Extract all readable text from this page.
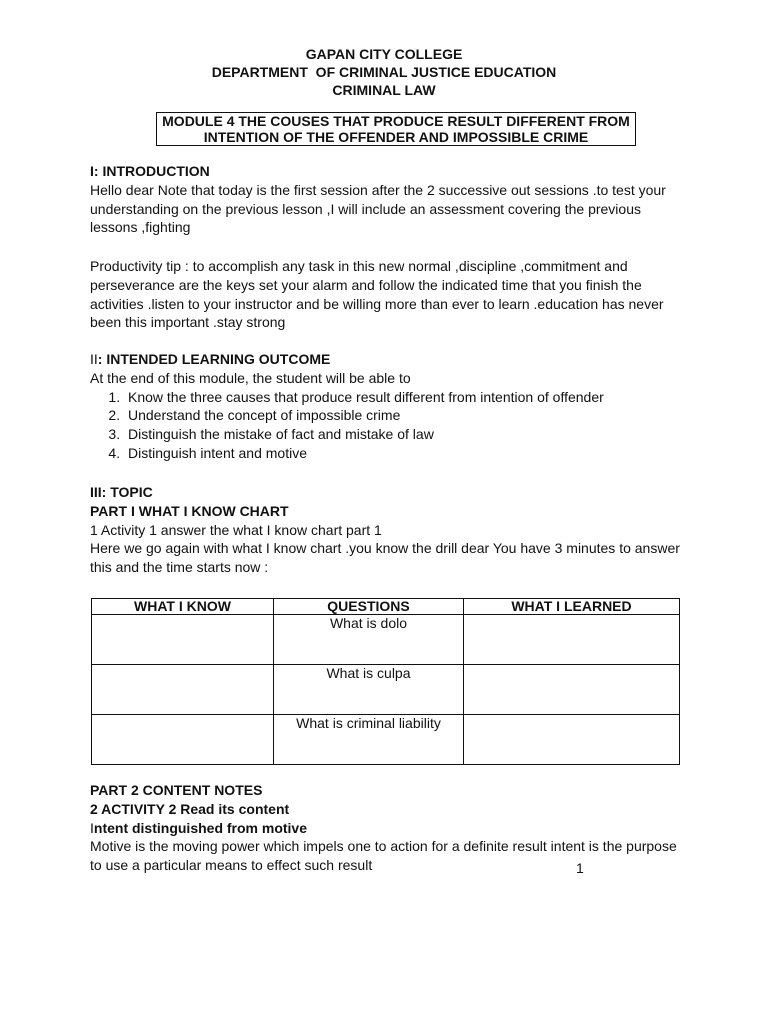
GAPAN CITY COLLEGE
DEPARTMENT  OF CRIMINAL JUSTICE EDUCATION
CRIMINAL LAW
MODULE 4 THE COUSES THAT PRODUCE RESULT DIFFERENT FROM
INTENTION OF THE OFFENDER AND IMPOSSIBLE CRIME
I: INTRODUCTION

Hello dear Note that today is the first session after the 2 successive out sessions .to test your understanding on the previous lesson ,I will include an assessment covering the previous lessons ,fighting

Productivity tip : to accomplish any task in this new normal ,discipline ,commitment and perseverance are the keys set your alarm and follow the indicated time that you finish the activities .listen to your instructor and be willing more than ever to learn .education has never been this important .stay strong

II: INTENDED LEARNING OUTCOME

At the end of this module, the student will be able to

1. Know the three causes that produce result different from intention of offender
2. Understand the concept of impossible crime
3. Distinguish the mistake of fact and mistake of law
4. Distinguish intent and motive
III: TOPIC
PART I WHAT I KNOW CHART

1 Activity 1 answer the what I know chart part 1

Here we go again with what I know chart .you know the drill dear You have 3 minutes to answer this and the time starts now :

WHAT I KNOW	QUESTIONS	WHAT I LEARNED
	What is dolo	
	What is culpa	
	What is criminal liability	
PART 2 CONTENT NOTES
2 ACTIVITY 2 Read its content
Intent distinguished from motive

Motive is the moving power which impels one to action for a definite result intent is the purpose to use a particular means to effect such result	1
